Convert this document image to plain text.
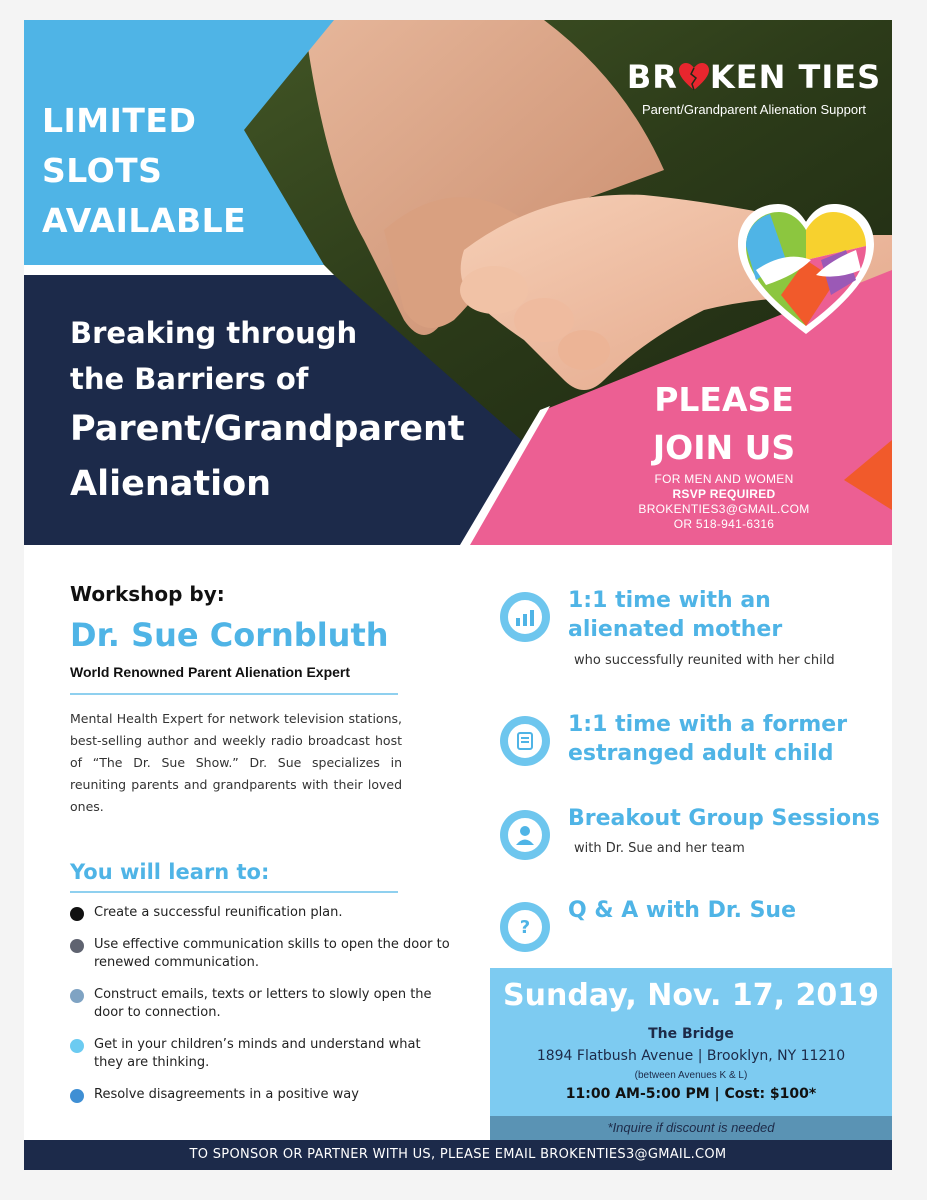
LIMITED
SLOTS
AVAILABLE
Breaking through
the Barriers of
Parent/Grandparent
Alienation
BR KEN TIES
Parent/Grandparent Alienation Support
PLEASE
JOIN US
FOR MEN AND WOMEN
RSVP REQUIRED
BROKENTIES3@GMAIL.COM
OR 518-941-6316
Workshop by:
Dr. Sue Cornbluth
World Renowned Parent Alienation Expert
Mental Health Expert for network television stations, best-selling author and weekly radio broadcast host of “The Dr. Sue Show.” Dr. Sue specializes in reuniting parents and grandparents with their loved ones.
You will learn to:
Create a successful reunification plan.
Use effective communication skills to open the door to renewed communication.
Construct emails, texts or letters to slowly open the door to connection.
Get in your children’s minds and understand what they are thinking.
Resolve disagreements in a positive way
1:1 time with an alienated mother
who successfully reunited with her child
1:1 time with a former estranged adult child
Breakout Group Sessions
with Dr. Sue and her team
?
Q & A with Dr. Sue
Sunday, Nov. 17, 2019
The Bridge
1894 Flatbush Avenue | Brooklyn, NY 11210
(between Avenues K & L)
11:00 AM-5:00 PM | Cost: $100*
*Inquire if discount is needed
TO SPONSOR OR PARTNER WITH US, PLEASE EMAIL BROKENTIES3@GMAIL.COM
